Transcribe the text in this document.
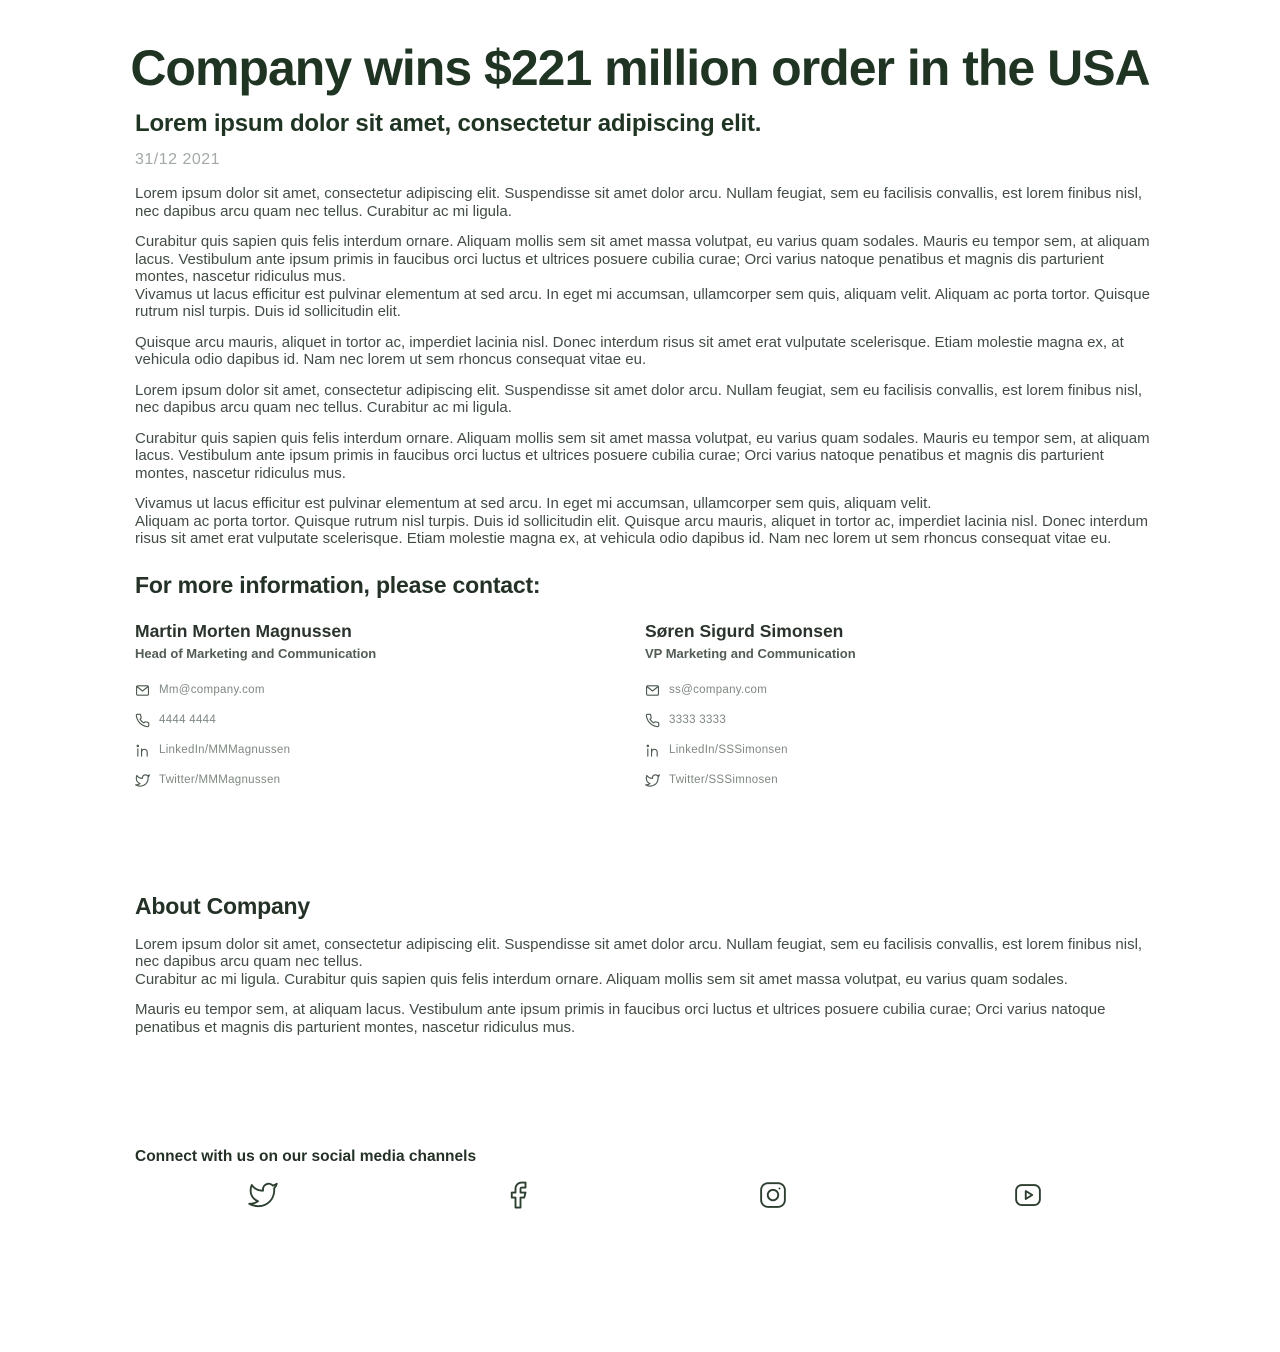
Company wins $221 million order in the USA
Lorem ipsum dolor sit amet, consectetur adipiscing elit.
31/12 2021

Lorem ipsum dolor sit amet, consectetur adipiscing elit. Suspendisse sit amet dolor arcu. Nullam feugiat, sem eu facilisis convallis, est lorem finibus nisl, nec dapibus arcu quam nec tellus. Curabitur ac mi ligula.

Curabitur quis sapien quis felis interdum ornare. Aliquam mollis sem sit amet massa volutpat, eu varius quam sodales. Mauris eu tempor sem, at aliquam lacus. Vestibulum ante ipsum primis in faucibus orci luctus et ultrices posuere cubilia curae; Orci varius natoque penatibus et magnis dis parturient montes, nascetur ridiculus mus.
Vivamus ut lacus efficitur est pulvinar elementum at sed arcu. In eget mi accumsan, ullamcorper sem quis, aliquam velit. Aliquam ac porta tortor. Quisque rutrum nisl turpis. Duis id sollicitudin elit.

Quisque arcu mauris, aliquet in tortor ac, imperdiet lacinia nisl. Donec interdum risus sit amet erat vulputate scelerisque. Etiam molestie magna ex, at vehicula odio dapibus id. Nam nec lorem ut sem rhoncus consequat vitae eu.

Lorem ipsum dolor sit amet, consectetur adipiscing elit. Suspendisse sit amet dolor arcu. Nullam feugiat, sem eu facilisis convallis, est lorem finibus nisl, nec dapibus arcu quam nec tellus. Curabitur ac mi ligula.

Curabitur quis sapien quis felis interdum ornare. Aliquam mollis sem sit amet massa volutpat, eu varius quam sodales. Mauris eu tempor sem, at aliquam lacus. Vestibulum ante ipsum primis in faucibus orci luctus et ultrices posuere cubilia curae; Orci varius natoque penatibus et magnis dis parturient montes, nascetur ridiculus mus.

Vivamus ut lacus efficitur est pulvinar elementum at sed arcu. In eget mi accumsan, ullamcorper sem quis, aliquam velit.
Aliquam ac porta tortor. Quisque rutrum nisl turpis. Duis id sollicitudin elit. Quisque arcu mauris, aliquet in tortor ac, imperdiet lacinia nisl. Donec interdum risus sit amet erat vulputate scelerisque. Etiam molestie magna ex, at vehicula odio dapibus id. Nam nec lorem ut sem rhoncus consequat vitae eu.

For more information, please contact:
Martin Morten Magnussen
Head of Marketing and Communication
Mm@company.com
4444 4444
LinkedIn/MMMagnussen
Twitter/MMMagnussen
Søren Sigurd Simonsen
VP Marketing and Communication
ss@company.com
3333 3333
LinkedIn/SSSimonsen
Twitter/SSSimnosen
About Company

Lorem ipsum dolor sit amet, consectetur adipiscing elit. Suspendisse sit amet dolor arcu. Nullam feugiat, sem eu facilisis convallis, est lorem finibus nisl, nec dapibus arcu quam nec tellus.
Curabitur ac mi ligula. Curabitur quis sapien quis felis interdum ornare. Aliquam mollis sem sit amet massa volutpat, eu varius quam sodales.

Mauris eu tempor sem, at aliquam lacus. Vestibulum ante ipsum primis in faucibus orci luctus et ultrices posuere cubilia curae; Orci varius natoque penatibus et magnis dis parturient montes, nascetur ridiculus mus.

Connect with us on our social media channels
